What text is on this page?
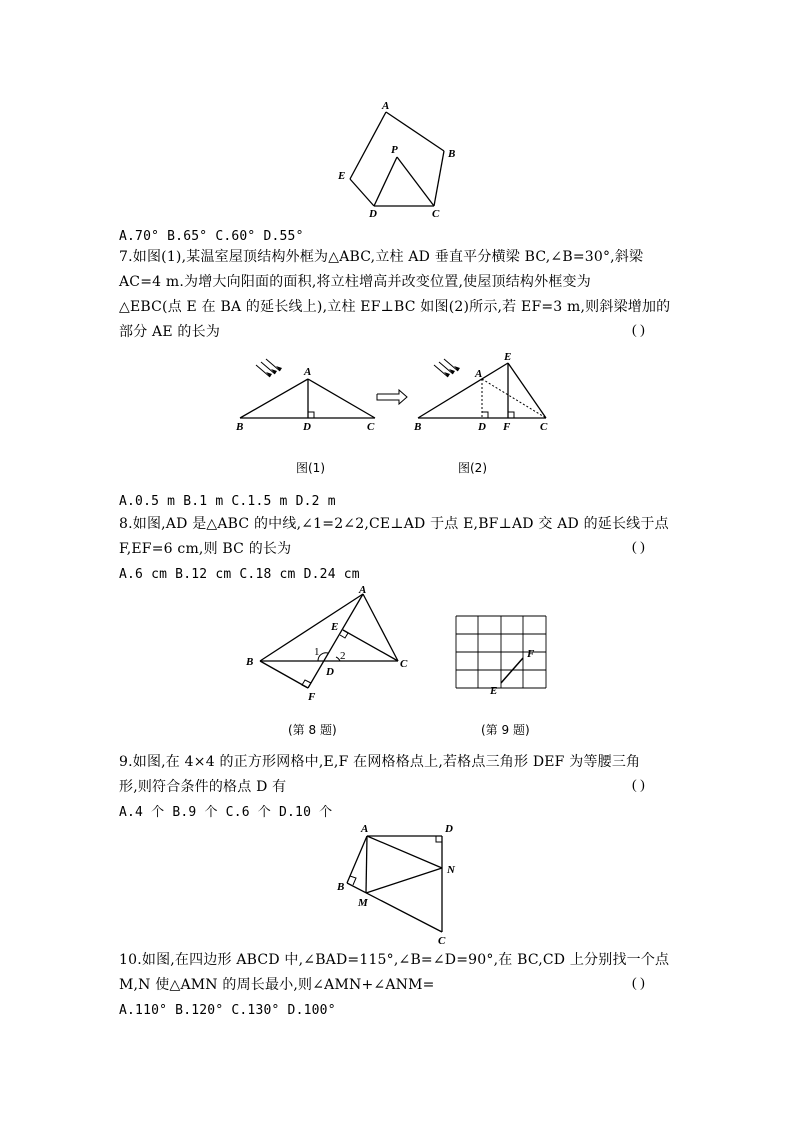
A
B
C
D
E
P
A.70° B.65° C.60° D.55°
7.如图(1),某温室屋顶结构外框为△ABC,立柱 AD 垂直平分横梁 BC,∠B=30°,斜梁
AC=4 m.为增大向阳面的面积,将立柱增高并改变位置,使屋顶结构外框变为
△EBC(点 E 在 BA 的延长线上),立柱 EF⊥BC 如图(2)所示,若 EF=3 m,则斜梁增加的
部分 AE 的长为	( )
A
B	D	C
E
A
B	D F	C
图(1)	图(2)
A.0.5 m B.1 m C.1.5 m D.2 m
8.如图,AD 是△ABC 的中线,∠1=2∠2,CE⊥AD 于点 E,BF⊥AD 交 AD 的延长线于点
F,EF=6 cm,则 BC 的长为	( )
A.6 cm B.12 cm C.18 cm D.24 cm
A
B	C
D
E
F
1 2
E
F
(第 8 题)	(第 9 题)
9.如图,在 4×4 的正方形网格中,E,F 在网格格点上,若格点三角形 DEF 为等腰三角
形,则符合条件的格点 D 有	( )
A.4 个 B.9 个 C.6 个 D.10 个
A	D
N
B
M
C
10.如图,在四边形 ABCD 中,∠BAD=115°,∠B=∠D=90°,在 BC,CD 上分别找一个点
M,N 使△AMN 的周长最小,则∠AMN+∠ANM=	( )
A.110° B.120° C.130° D.100°
